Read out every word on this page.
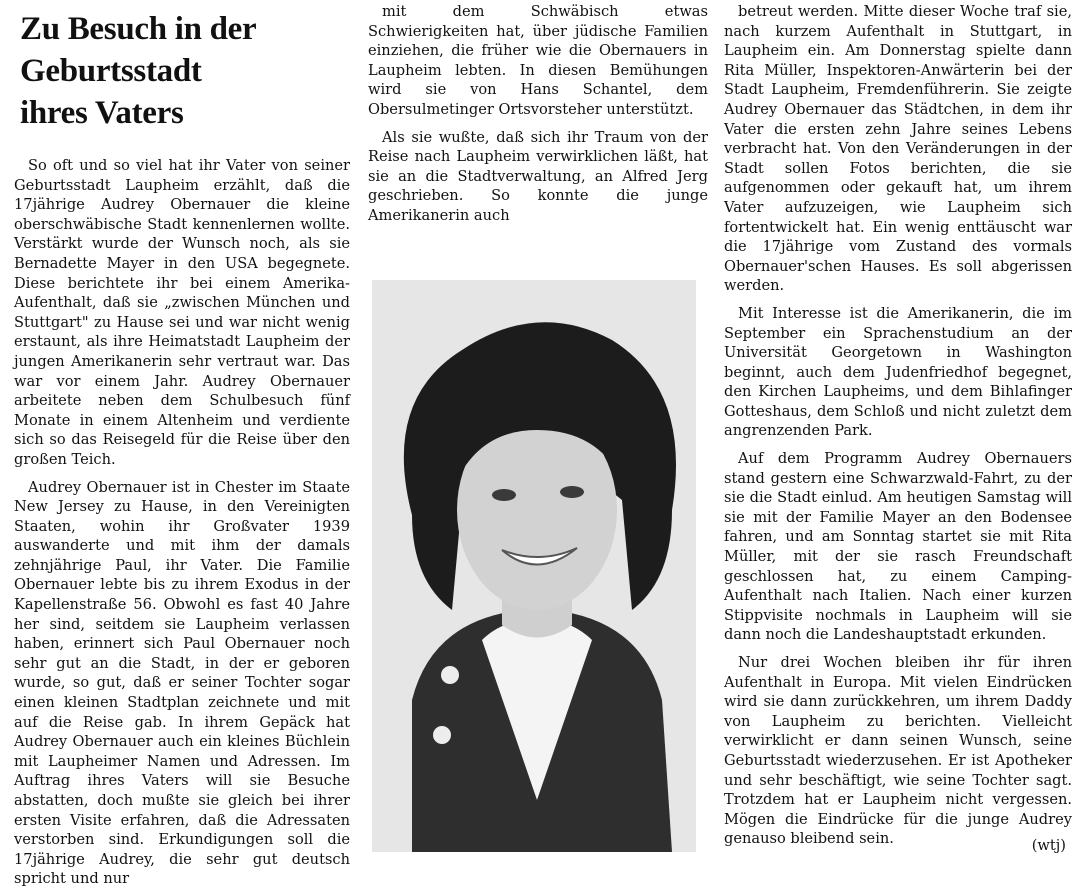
Zu Besuch in der
Geburtsstadt
ihres Vaters

So oft und so viel hat ihr Vater von seiner Geburtsstadt Laupheim erzählt, daß die 17jährige Audrey Obernauer die kleine oberschwäbische Stadt kennenlernen wollte. Verstärkt wurde der Wunsch noch, als sie Bernadette Mayer in den USA begegnete. Diese berichtete ihr bei einem Amerika-Aufenthalt, daß sie „zwischen München und Stuttgart" zu Hause sei und war nicht wenig erstaunt, als ihre Heimatstadt Laupheim der jungen Amerikanerin sehr vertraut war. Das war vor einem Jahr. Audrey Obernauer arbeitete neben dem Schulbesuch fünf Monate in einem Altenheim und verdiente sich so das Reisegeld für die Reise über den großen Teich.

Audrey Obernauer ist in Chester im Staate New Jersey zu Hause, in den Vereinigten Staaten, wohin ihr Großvater 1939 auswanderte und mit ihm der damals zehnjährige Paul, ihr Vater. Die Familie Obernauer lebte bis zu ihrem Exodus in der Kapellenstraße 56. Obwohl es fast 40 Jahre her sind, seitdem sie Laupheim verlassen haben, erinnert sich Paul Obernauer noch sehr gut an die Stadt, in der er geboren wurde, so gut, daß er seiner Tochter sogar einen kleinen Stadtplan zeichnete und mit auf die Reise gab. In ihrem Gepäck hat Audrey Obernauer auch ein kleines Büchlein mit Laupheimer Namen und Adressen. Im Auftrag ihres Vaters will sie Besuche abstatten, doch mußte sie gleich bei ihrer ersten Visite erfahren, daß die Adressaten verstorben sind. Erkundigungen soll die 17jährige Audrey, die sehr gut deutsch spricht und nur

mit dem Schwäbisch etwas Schwierigkeiten hat, über jüdische Familien einziehen, die früher wie die Obernauers in Laupheim lebten. In diesen Bemühungen wird sie von Hans Schantel, dem Obersulmetinger Ortsvorsteher unterstützt.

Als sie wußte, daß sich ihr Traum von der Reise nach Laupheim verwirklichen läßt, hat sie an die Stadtverwaltung, an Alfred Jerg geschrieben. So konnte die junge Amerikanerin auch

betreut werden. Mitte dieser Woche traf sie, nach kurzem Aufenthalt in Stuttgart, in Laupheim ein. Am Donnerstag spielte dann Rita Müller, Inspektoren-Anwärterin bei der Stadt Laupheim, Fremdenführerin. Sie zeigte Audrey Obernauer das Städtchen, in dem ihr Vater die ersten zehn Jahre seines Lebens verbracht hat. Von den Veränderungen in der Stadt sollen Fotos berichten, die sie aufgenommen oder gekauft hat, um ihrem Vater aufzuzeigen, wie Laupheim sich fortentwickelt hat. Ein wenig enttäuscht war die 17jährige vom Zustand des vormals Obernauer'schen Hauses. Es soll abgerissen werden.

Mit Interesse ist die Amerikanerin, die im September ein Sprachenstudium an der Universität Georgetown in Washington beginnt, auch dem Judenfriedhof begegnet, den Kirchen Laupheims, und dem Bihlafinger Gotteshaus, dem Schloß und nicht zuletzt dem angrenzenden Park.

Auf dem Programm Audrey Obernauers stand gestern eine Schwarzwald-Fahrt, zu der sie die Stadt einlud. Am heutigen Samstag will sie mit der Familie Mayer an den Bodensee fahren, und am Sonntag startet sie mit Rita Müller, mit der sie rasch Freundschaft geschlossen hat, zu einem Camping-Aufenthalt nach Italien. Nach einer kurzen Stippvisite nochmals in Laupheim will sie dann noch die Landeshauptstadt erkunden.

Nur drei Wochen bleiben ihr für ihren Aufenthalt in Europa. Mit vielen Eindrücken wird sie dann zurückkehren, um ihrem Daddy von Laupheim zu berichten. Vielleicht verwirklicht er dann seinen Wunsch, seine Geburtsstadt wiederzusehen. Er ist Apotheker und sehr beschäftigt, wie seine Tochter sagt. Trotzdem hat er Laupheim nicht vergessen. Mögen die Eindrücke für die junge Audrey genauso bleibend sein.	(wtj)
